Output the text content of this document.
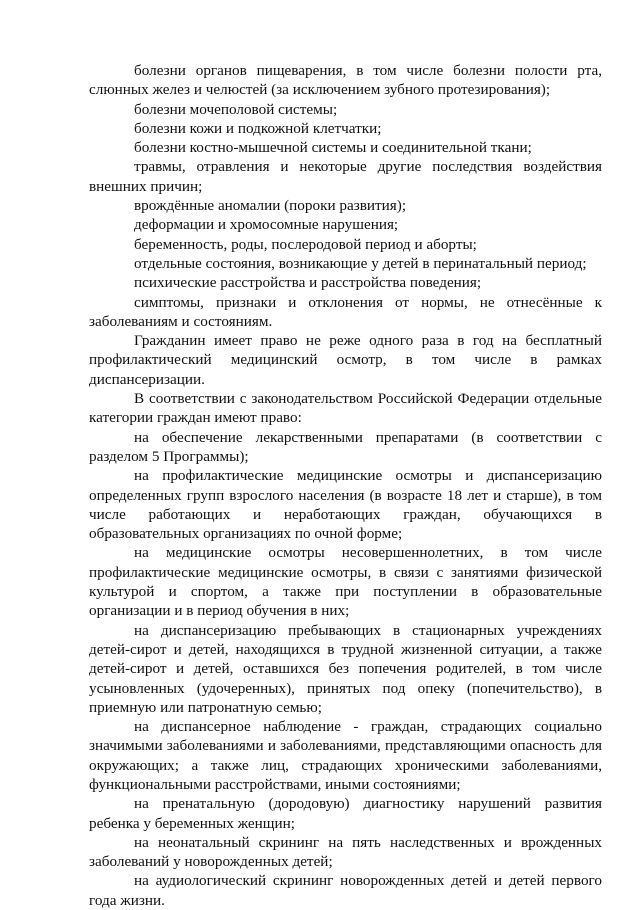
болезни органов пищеварения, в том числе болезни полости рта, слюнных желез и челюстей (за исключением зубного протезирования);

болезни мочеполовой системы;

болезни кожи и подкожной клетчатки;

болезни костно-мышечной системы и соединительной ткани;

травмы, отравления и некоторые другие последствия воздействия внешних причин;

врождённые аномалии (пороки развития);

деформации и хромосомные нарушения;

беременность, роды, послеродовой период и аборты;

отдельные состояния, возникающие у детей в перинатальный период;

психические расстройства и расстройства поведения;

симптомы, признаки и отклонения от нормы, не отнесённые к заболеваниям и состояниям.

Гражданин имеет право не реже одного раза в год на бесплатный профилактический медицинский осмотр, в том числе в рамках диспансеризации.

В соответствии с законодательством Российской Федерации отдельные категории граждан имеют право:

на обеспечение лекарственными препаратами (в соответствии с разделом 5 Программы);

на профилактические медицинские осмотры и диспансеризацию определенных групп взрослого населения (в возрасте 18 лет и старше), в том числе работающих и неработающих граждан, обучающихся в образовательных организациях по очной форме;

на медицинские осмотры несовершеннолетних, в том числе профилактические медицинские осмотры, в связи с занятиями физической культурой и спортом, а также при поступлении в образовательные организации и в период обучения в них;

на диспансеризацию пребывающих в стационарных учреждениях детей-сирот и детей, находящихся в трудной жизненной ситуации, а также детей-сирот и детей, оставшихся без попечения родителей, в том числе усыновленных (удочеренных), принятых под опеку (попечительство), в приемную или патронатную семью;

на диспансерное наблюдение - граждан, страдающих социально значимыми заболеваниями и заболеваниями, представляющими опасность для окружающих; а также лиц, страдающих хроническими заболеваниями, функциональными расстройствами, иными состояниями;

на пренатальную (дородовую) диагностику нарушений развития ребенка у беременных женщин;

на неонатальный скрининг на пять наследственных и врожденных заболеваний у новорожденных детей;

на аудиологический скрининг новорожденных детей и детей первого года жизни.
